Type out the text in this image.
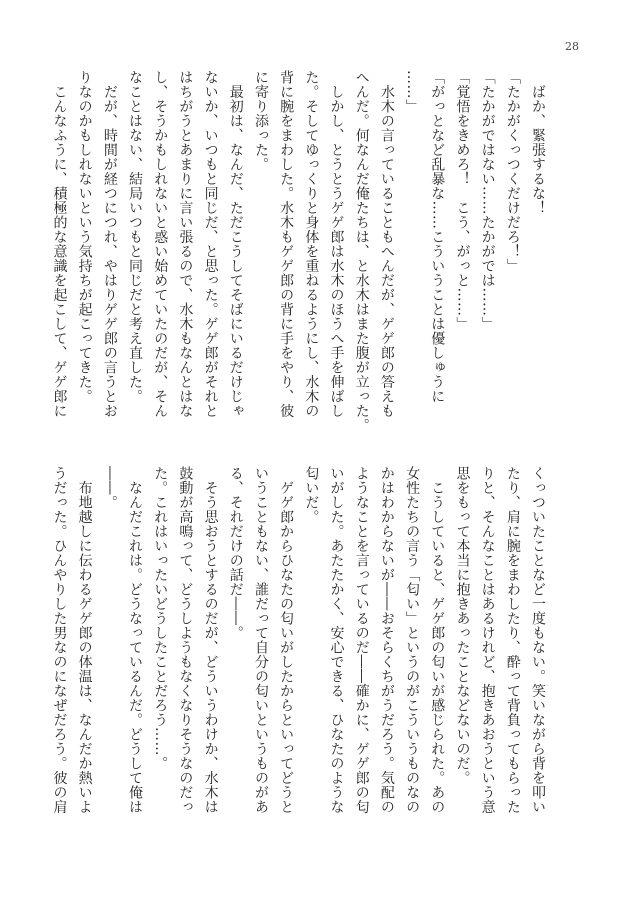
28
　ばか、緊張するな！
「たかがくっつくだけだろ！」
「たかがではない……たかがでは……」
「覚悟をきめろ！　こう、がっと……」
「がっとなど乱暴な……こういうことは優しゅうに
……」
　水木の言っていることもへんだが、ゲゲ郎の答えも
へんだ。何なんだ俺たちは、と水木はまた腹が立った。
　しかし、とうとうゲゲ郎は水木のほうへ手を伸ばし
た。そしてゆっくりと身体を重ねるようにし、水木の
背に腕をまわした。水木もゲゲ郎の背に手をやり、彼
に寄り添った。
　最初は、なんだ、ただこうしてそばにいるだけじゃ
ないか、いつもと同じだ、と思った。ゲゲ郎がそれと
はちがうとあまりに言い張るので、水木もなんとはな
し、そうかもしれないと惑い始めていたのだが、そん
なことはない、結局いつもと同じだと考え直した。
　だが、時間が経つにつれ、やはりゲゲ郎の言うとお
りなのかもしれないという気持ちが起こってきた。
　こんなふうに、積極的な意識を起こして、ゲゲ郎に
くっついたことなど一度もない。笑いながら背を叩い
たり、肩に腕をまわしたり、酔って背負ってもらった
りと、そんなことはあるけれど、抱きあおうという意
思をもって本当に抱きあったことなどないのだ。
　こうしていると、ゲゲ郎の匂いが感じられた。あの
女性たちの言う「匂い」というのがこういうものなの
かはわからないが――おそらくちがうだろう。気配の
ようなことを言っているのだ――確かに、ゲゲ郎の匂
いがした。あたたかく、安心できる、ひなたのような
匂いだ。
　ゲゲ郎からひなたの匂いがしたからといってどうと
いうこともない、誰だって自分の匂いというものがあ
る、それだけの話だ――。
　そう思おうとするのだが、どういうわけか、水木は
鼓動が高鳴って、どうしようもなくなりそうなのだっ
た。これはいったいどうしたことだろう……。
　なんだこれは。どうなっているんだ。どうして俺は
――。
　布地越しに伝わるゲゲ郎の体温は、なんだか熱いよ
うだった。ひんやりした男なのになぜだろう。彼の肩
